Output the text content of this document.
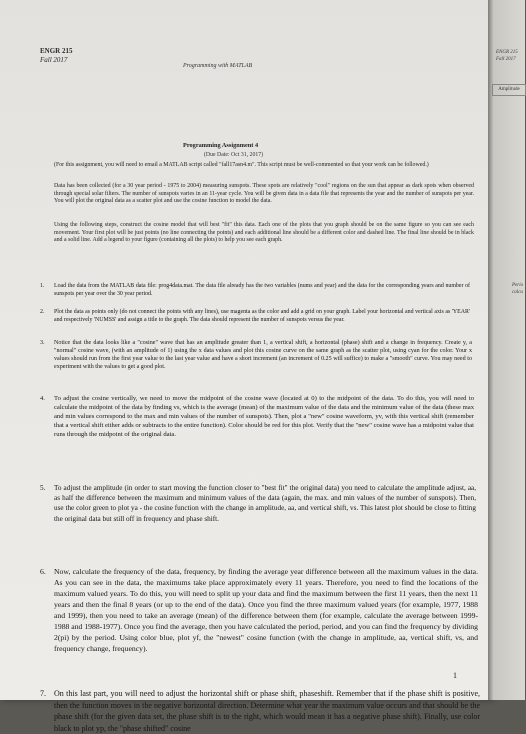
ENGR 215
Fall 2017
Programming with MATLAB
Programming Assignment 4
(Due Date: Oct 31, 2017)
(For this assignment, you will need to email a MATLAB script called "fall17asn4.m". This script must be well-commented so that your work can be followed.)
Data has been collected (for a 30 year period - 1975 to 2004) measuring sunspots. These spots are relatively "cool" regions on the sun that appear as dark spots when observed through special solar filters. The number of sunspots varies in an 11-year cycle. You will be given data in a data file that represents the year and the number of sunspots per year. You will plot the original data as a scatter plot and use the cosine function to model the data.
Using the following steps, construct the cosine model that will best "fit" this data. Each one of the plots that you graph should be on the same figure so you can see each movement. Your first plot will be just points (no line connecting the points) and each additional line should be a different color and dashed line. The final line should be in black and a solid line. Add a legend to your figure (containing all the plots) to help you see each graph.
1. Load the data from the MATLAB data file: prog4data.mat. The data file already has the two variables (nums and year) and the data for the corresponding years and number of sunspots per year over the 30 year period.
2. Plot the data as points only (do not connect the points with any lines), use magenta as the color and add a grid on your graph. Label your horizontal and vertical axis as 'YEAR' and respectively 'NUMSS' and assign a title to the graph. The data should represent the number of sunspots versus the year.
3. Notice that the data looks like a "cosine" wave that has an amplitude greater than 1, a vertical shift, a horizontal (phase) shift and a change in frequency. Create y, a "normal" cosine wave, (with an amplitude of 1) using the x data values and plot this cosine curve on the same graph as the scatter plot, using cyan for the color. Your x values should run from the first year value to the last year value and have a short increment (an increment of 0.25 will suffice) to make a "smooth" curve. You may need to experiment with the values to get a good plot.
4. To adjust the cosine vertically, we need to move the midpoint of the cosine wave (located at 0) to the midpoint of the data. To do this, you will need to calculate the midpoint of the data by finding vs, which is the average (mean) of the maximum value of the data and the minimum value of the data (these max and min values correspond to the max and min values of the number of sunspots). Then, plot a "new" cosine waveform, yv, with this vertical shift (remember that a vertical shift either adds or subtracts to the entire function). Color should be red for this plot. Verify that the "new" cosine wave has a midpoint value that runs through the midpoint of the original data.
5. To adjust the amplitude (in order to start moving the function closer to "best fit" the original data) you need to calculate the amplitude adjust, aa, as half the difference between the maximum and minimum values of the data (again, the max. and min values of the number of sunspots). Then, use the color green to plot ya - the cosine function with the change in amplitude, aa, and vertical shift, vs. This latest plot should be close to fitting the original data but still off in frequency and phase shift.
6. Now, calculate the frequency of the data, frequency, by finding the average year difference between all the maximum values in the data. As you can see in the data, the maximums take place approximately every 11 years. Therefore, you need to find the locations of the maximum valued years. To do this, you will need to split up your data and find the maximum between the first 11 years, then the next 11 years and then the final 8 years (or up to the end of the data). Once you find the three maximum valued years (for example, 1977, 1988 and 1999), then you need to take an average (mean) of the difference between them (for example, calculate the average between 1999-1988 and 1988-1977). Once you find the average, then you have calculated the period, period, and you can find the frequency by dividing 2(pi) by the period. Using color blue, plot yf, the "newest" cosine function (with the change in amplitude, aa, vertical shift, vs, and frequency change, frequency).
7. On this last part, you will need to adjust the horizontal shift or phase shift, phaseshift. Remember that if the phase shift is positive, then the function moves in the negative horizontal direction. Determine what year the maximum value occurs and that should be the phase shift (for the given data set, the phase shift is to the right, which would mean it has a negative phase shift). Finally, use color black to plot yp, the "phase shifted" cosine
1
ENGR 215
Fall 2017
Amplitude
Perio
calcu
